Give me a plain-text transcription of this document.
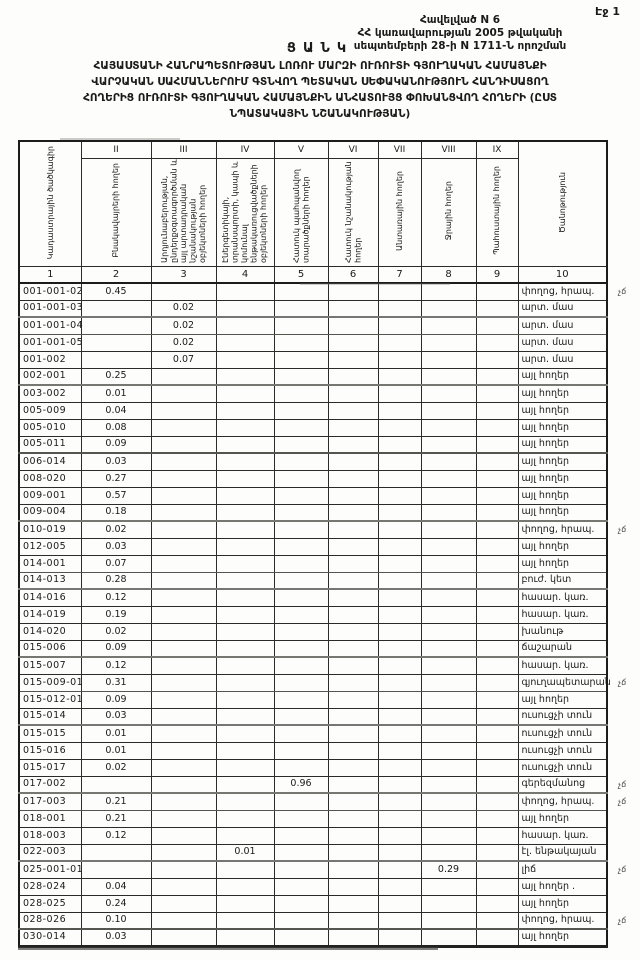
Էջ 1
Հավելված N 6
ՀՀ կառավարության 2005 թվականի
սեպտեմբերի 28-ի N 1711-Ն որոշման
ՑԱՆԿ
ՀԱՅԱՍՏԱՆԻ ՀԱՆՐԱՊԵՏՈՒԹՅԱՆ ԼՈՌՈՒ ՄԱՐԶԻ ՈՒՌՈՒՏԻ ԳՅՈՒՂԱԿԱՆ ՀԱՄԱՅՆՔԻ
ՎԱՐՉԱԿԱՆ ՍԱՀՄԱՆՆԵՐՈՒՄ ԳՏՆՎՈՂ ՊԵՏԱԿԱՆ ՍԵՓԱԿԱՆՈՒԹՅՈՒՆ ՀԱՆԴԻՍԱՑՈՂ
ՀՈՂԵՐԻՑ ՈՒՌՈՒՏԻ ԳՅՈՒՂԱԿԱՆ ՀԱՄԱՅՆՔԻՆ ԱՆՀԱՏՈՒՅՑ ՓՈԽԱՆՑՎՈՂ ՀՈՂԵՐԻ (ԸՍՏ
ՆՊԱՏԱԿԱՅԻՆ ՆՇԱՆԱԿՈՒԹՅԱՆ)
Կադաստրային ծածկագիր	II	III	IV	V	VI	VII	VIII	IX	Ծանոթություն
	Բնակավայրերի հողեր	Արդյունաբերության, ընդերքօգտագործման և այլ արտադրական նշանակության օբյեկտների հողեր	Էներգետիկայի, տրանսպորտի, կապի և կոմունալ ենթակառուցվածքների օբյեկտների հողեր	Հատուկ պահպանվող տարածքների հողեր	Հատուկ նշանակության հողեր	Անտառային հողեր	Ջրային հողեր	Պահուստային հողեր	
1	2	3	4	5	6	7	8	9	10
001-001-02	0.45								փողոց, հրապ. չճ

001-001-03		0.02							արտ. մաս
001-001-04		0.02							արտ. մաս
001-001-05		0.02							արտ. մաս
001-002		0.07							արտ. մաս
002-001	0.25								այլ հողեր
003-002	0.01								այլ հողեր
005-009	0.04								այլ հողեր
005-010	0.08								այլ հողեր
005-011	0.09								այլ հողեր
006-014	0.03								այլ հողեր
008-020	0.27								այլ հողեր
009-001	0.57								այլ հողեր
009-004	0.18								այլ հողեր
010-019	0.02								փողոց, հրապ. չճ

012-005	0.03								այլ հողեր
014-001	0.07								այլ հողեր
014-013	0.28								բուժ. կետ
014-016	0.12								հասար. կառ.
014-019	0.19								հասար. կառ.
014-020	0.02								խանութ
015-006	0.09								ճաշարան
015-007	0.12								հասար. կառ.
015-009-01	0.31								գյուղապետարան չճ

015-012-01	0.09								այլ հողեր
015-014	0.03								ուսուցչի տուն
015-015	0.01								ուսուցչի տուն
015-016	0.01								ուսուցչի տուն
015-017	0.02								ուսուցչի տուն
017-002				0.96					գերեզմանոց չճ

017-003	0.21								փողոց, հրապ. չճ

018-001	0.21								այլ հողեր
018-003	0.12								հասար. կառ.
022-003			0.01						էլ. ենթակայան
025-001-01							0.29		լիճ չճ

028-024	0.04								այլ հողեր .
028-025	0.24								այլ հողեր
028-026	0.10								փողոց, հրապ. չճ

030-014	0.03								այլ հողեր
